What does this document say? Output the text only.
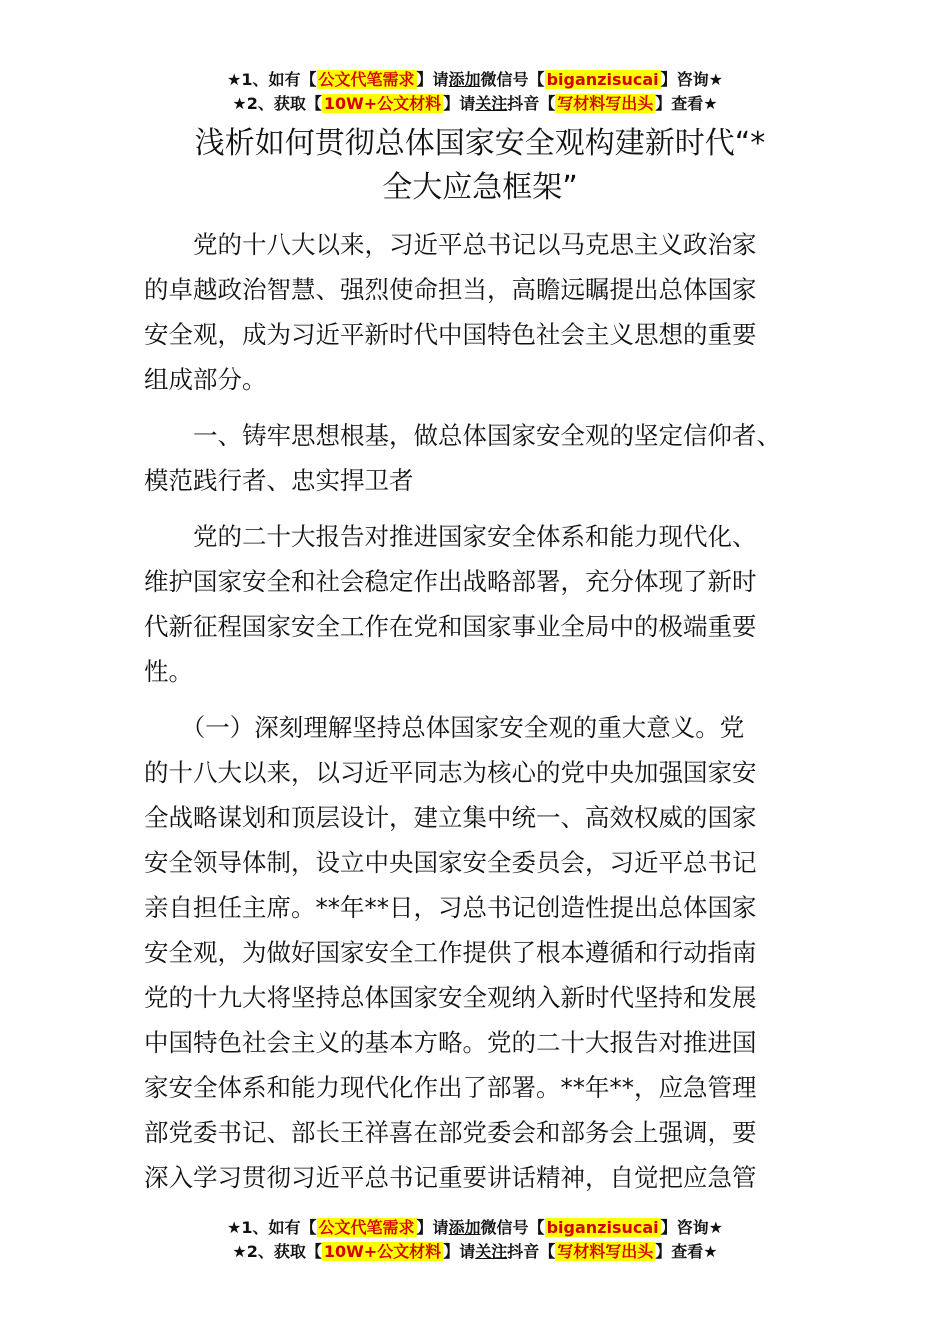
★1、如有【 公文代笔需求 】请添加微信号【 biganzisucai 】咨询★
★2、获取【 10W+公文材料 】请关注抖音【 写材料写出头 】查看★
浅析如何贯彻总体国家安全观构建新时代“*
全大应急框架”
　　党的十八大以来，习近平总书记以马克思主义政治家
的卓越政治智慧、强烈使命担当，高瞻远瞩提出总体国家
安全观，成为习近平新时代中国特色社会主义思想的重要
组成部分。
　　一、铸牢思想根基，做总体国家安全观的坚定信仰者、
模范践行者、忠实捍卫者
　　党的二十大报告对推进国家安全体系和能力现代化、
维护国家安全和社会稳定作出战略部署，充分体现了新时
代新征程国家安全工作在党和国家事业全局中的极端重要
性。
　　（一）深刻理解坚持总体国家安全观的重大意义。党
的十八大以来，以习近平同志为核心的党中央加强国家安
全战略谋划和顶层设计，建立集中统一、高效权威的国家
安全领导体制，设立中央国家安全委员会，习近平总书记
亲自担任主席。**年**日，习总书记创造性提出总体国家
安全观，为做好国家安全工作提供了根本遵循和行动指南
党的十九大将坚持总体国家安全观纳入新时代坚持和发展
中国特色社会主义的基本方略。党的二十大报告对推进国
家安全体系和能力现代化作出了部署。**年**，应急管理
部党委书记、部长王祥喜在部党委会和部务会上强调，要
深入学习贯彻习近平总书记重要讲话精神，自觉把应急管
★1、如有【 公文代笔需求 】请添加微信号【 biganzisucai 】咨询★
★2、获取【 10W+公文材料 】请关注抖音【 写材料写出头 】查看★
